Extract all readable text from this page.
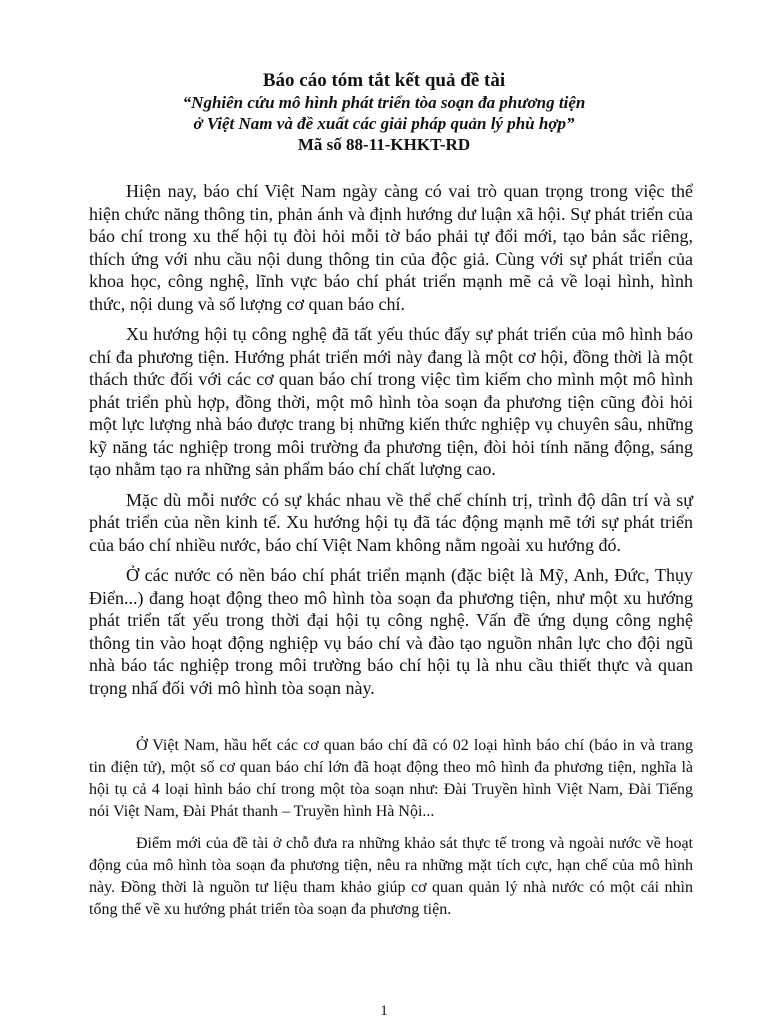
Báo cáo tóm tắt kết quả đề tài

“Nghiên cứu mô hình phát triển tòa soạn đa phương tiện

ở Việt Nam và đề xuất các giải pháp quản lý phù hợp”

Mã số 88-11-KHKT-RD

Hiện nay, báo chí Việt Nam ngày càng có vai trò quan trọng trong việc thể hiện chức năng thông tin, phản ánh và định hướng dư luận xã hội. Sự phát triển của báo chí trong xu thế hội tụ đòi hỏi mỗi tờ báo phải tự đổi mới, tạo bản sắc riêng, thích ứng với nhu cầu nội dung thông tin của độc giả. Cùng với sự phát triển của khoa học, công nghệ, lĩnh vực báo chí phát triển mạnh mẽ cả về loại hình, hình thức, nội dung và số lượng cơ quan báo chí.

Xu hướng hội tụ công nghệ đã tất yếu thúc đẩy sự phát triển của mô hình báo chí đa phương tiện. Hướng phát triển mới này đang là một cơ hội, đồng thời là một thách thức đối với các cơ quan báo chí trong việc tìm kiếm cho mình một mô hình phát triển phù hợp, đồng thời, một mô hình tòa soạn đa phương tiện cũng đòi hỏi một lực lượng nhà báo được trang bị những kiến thức nghiệp vụ chuyên sâu, những kỹ năng tác nghiệp trong môi trường đa phương tiện, đòi hỏi tính năng động, sáng tạo nhằm tạo ra những sản phẩm báo chí chất lượng cao.

Mặc dù mỗi nước có sự khác nhau về thể chế chính trị, trình độ dân trí và sự phát triển của nền kinh tế. Xu hướng hội tụ đã tác động mạnh mẽ tới sự phát triển của báo chí nhiều nước, báo chí Việt Nam không nằm ngoài xu hướng đó.

Ở các nước có nền báo chí phát triển mạnh (đặc biệt là Mỹ, Anh, Đức, Thụy Điển...) đang hoạt động theo mô hình tòa soạn đa phương tiện, như một xu hướng phát triển tất yếu trong thời đại hội tụ công nghệ. Vấn đề ứng dụng công nghệ thông tin vào hoạt động nghiệp vụ báo chí và đào tạo nguồn nhân lực cho đội ngũ nhà báo tác nghiệp trong môi trường báo chí hội tụ là nhu cầu thiết thực và quan trọng nhấ đối với mô hình tòa soạn này.

Ở Việt Nam, hầu hết các cơ quan báo chí đã có 02 loại hình báo chí (báo in và trang tin điện tử), một số cơ quan báo chí lớn đã hoạt động theo mô hình đa phương tiện, nghĩa là hội tụ cả 4 loại hình báo chí trong một tòa soạn như: Đài Truyền hình Việt Nam, Đài Tiếng nói Việt Nam, Đài Phát thanh – Truyền hình Hà Nội...

Điểm mới của đề tài ở chỗ đưa ra những khảo sát thực tế trong và ngoài nước về hoạt động của mô hình tòa soạn đa phương tiện, nêu ra những mặt tích cực, hạn chế của mô hình này. Đồng thời là nguồn tư liệu tham khảo giúp cơ quan quản lý nhà nước có một cái nhìn tổng thể về xu hướng phát triển tòa soạn đa phương tiện.

1
